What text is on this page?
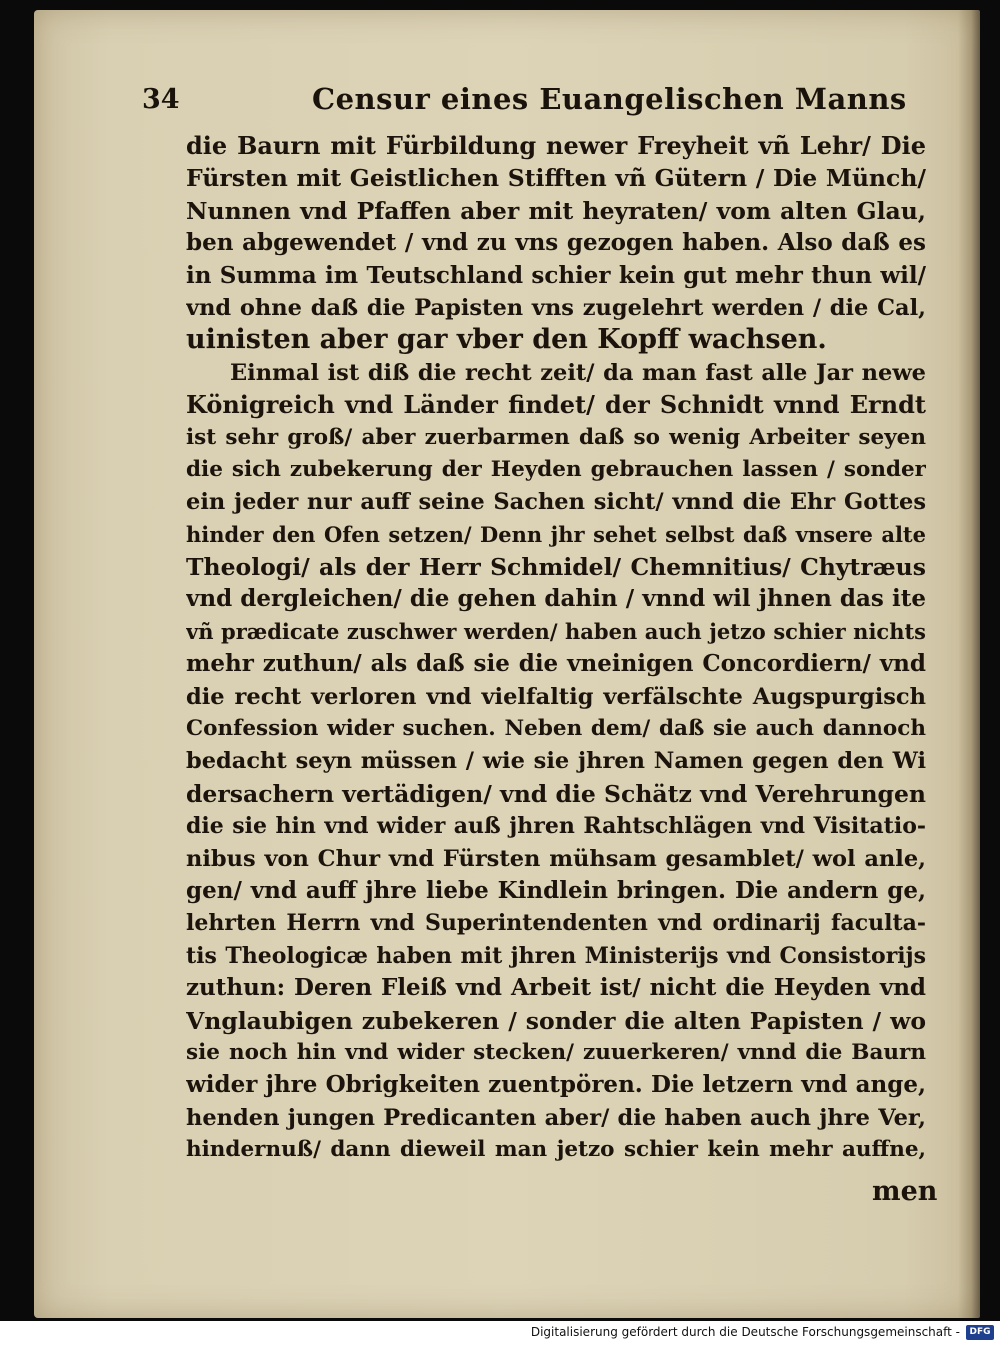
34	Censur eines Euangelischen Manns
die Baurn mit Fürbildung newer Freyheit vñ Lehr/ Die
Fürsten mit Geistlichen Stifften vñ Gütern / Die Münch/
Nunnen vnd Pfaffen aber mit heyraten/ vom alten Glau,
ben abgewendet / vnd zu vns gezogen haben. Also daß es
in Summa im Teutschland schier kein gut mehr thun wil/
vnd ohne daß die Papisten vns zugelehrt werden / die Cal,
uinisten aber gar vber den Kopff wachsen.
Einmal ist diß die recht zeit/ da man fast alle Jar newe
Königreich vnd Länder findet/ der Schnidt vnnd Erndt
ist sehr groß/ aber zuerbarmen daß so wenig Arbeiter seyen
die sich zubekerung der Heyden gebrauchen lassen / sonder
ein jeder nur auff seine Sachen sicht/ vnnd die Ehr Gottes
hinder den Ofen setzen/ Denn jhr sehet selbst daß vnsere alte
Theologi/ als der Herr Schmidel/ Chemnitius/ Chytræus
vnd dergleichen/ die gehen dahin / vnnd wil jhnen das ite
vñ prædicate zuschwer werden/ haben auch jetzo schier nichts
mehr zuthun/ als daß sie die vneinigen Concordiern/ vnd
die recht verloren vnd vielfaltig verfälschte Augspurgisch
Confession wider suchen. Neben dem/ daß sie auch dannoch
bedacht seyn müssen / wie sie jhren Namen gegen den Wi
dersachern vertädigen/ vnd die Schätz vnd Verehrungen
die sie hin vnd wider auß jhren Rahtschlägen vnd Visitatio-
nibus von Chur vnd Fürsten mühsam gesamblet/ wol anle,
gen/ vnd auff jhre liebe Kindlein bringen. Die andern ge,
lehrten Herrn vnd Superintendenten vnd ordinarij faculta-
tis Theologicæ haben mit jhren Ministerijs vnd Consistorijs
zuthun: Deren Fleiß vnd Arbeit ist/ nicht die Heyden vnd
Vnglaubigen zubekeren / sonder die alten Papisten / wo
sie noch hin vnd wider stecken/ zuuerkeren/ vnnd die Baurn
wider jhre Obrigkeiten zuentpören. Die letzern vnd ange,
henden jungen Predicanten aber/ die haben auch jhre Ver,
hindernuß/ dann dieweil man jetzo schier kein mehr auffne,
men
Digitalisierung gefördert durch die Deutsche Forschungsgemeinschaft -	DFG
